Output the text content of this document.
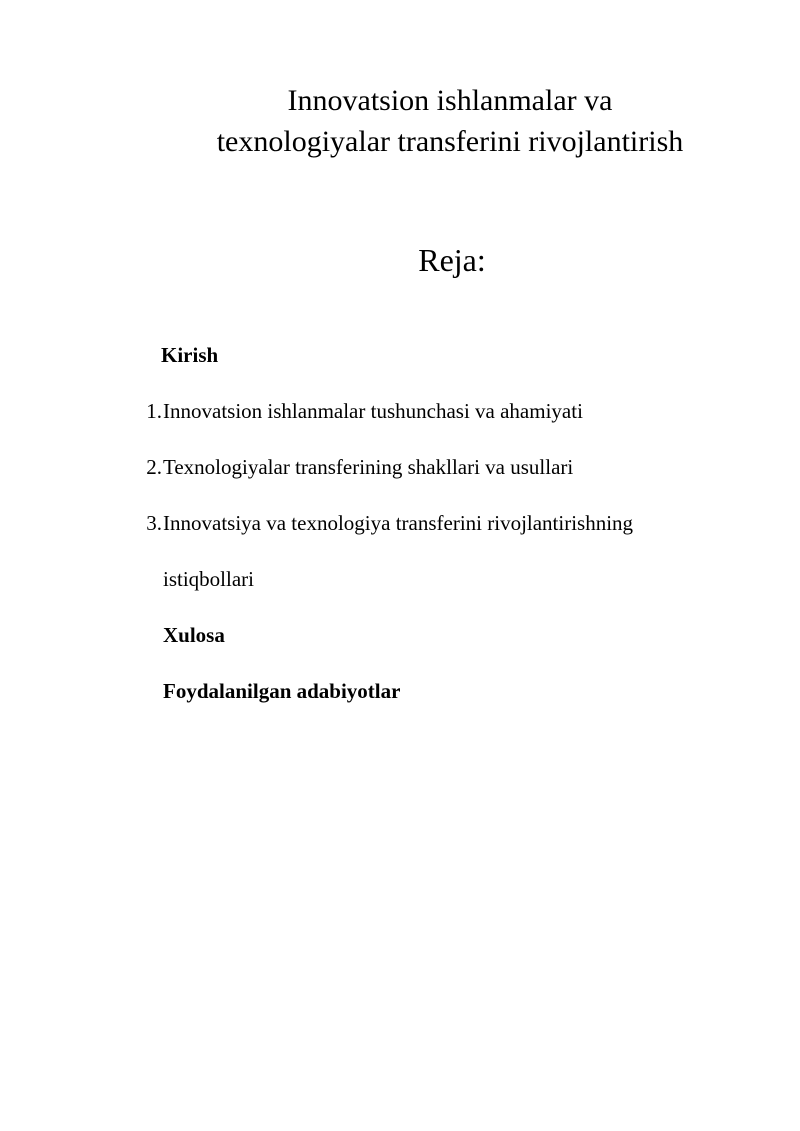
Innovatsion ishlanmalar va
texnologiyalar transferini rivojlantirish
Reja:
Kirish
1. Innovatsion ishlanmalar tushunchasi va ahamiyati
2. Texnologiyalar transferining shakllari va usullari
3. Innovatsiya va texnologiya transferini rivojlantirishning
istiqbollari
Xulosa
Foydalanilgan adabiyotlar
